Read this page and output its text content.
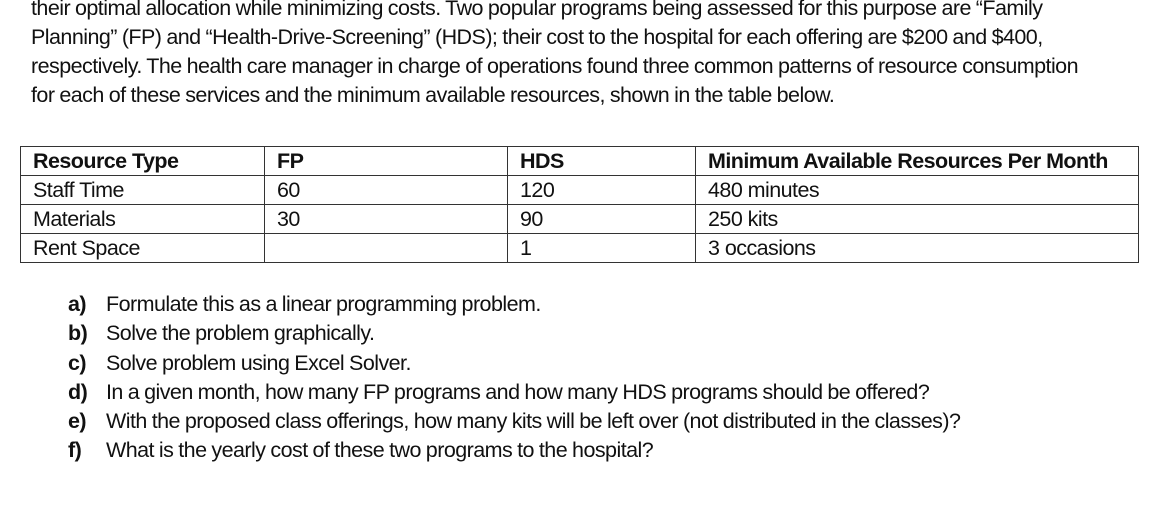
their optimal allocation while minimizing costs. Two popular programs being assessed for this purpose are “Family
Planning” (FP) and “Health-Drive-Screening” (HDS); their cost to the hospital for each offering are $200 and $400,
respectively. The health care manager in charge of operations found three common patterns of resource consumption
for each of these services and the minimum available resources, shown in the table below.
Resource Type	FP	HDS	Minimum Available Resources Per Month
Staff Time	60	120	480 minutes
Materials	30	90	250 kits
Rent Space		1	3 occasions
a) Formulate this as a linear programming problem.
b) Solve the problem graphically.
c) Solve problem using Excel Solver.
d) In a given month, how many FP programs and how many HDS programs should be offered?
e) With the proposed class offerings, how many kits will be left over (not distributed in the classes)?
f) What is the yearly cost of these two programs to the hospital?
